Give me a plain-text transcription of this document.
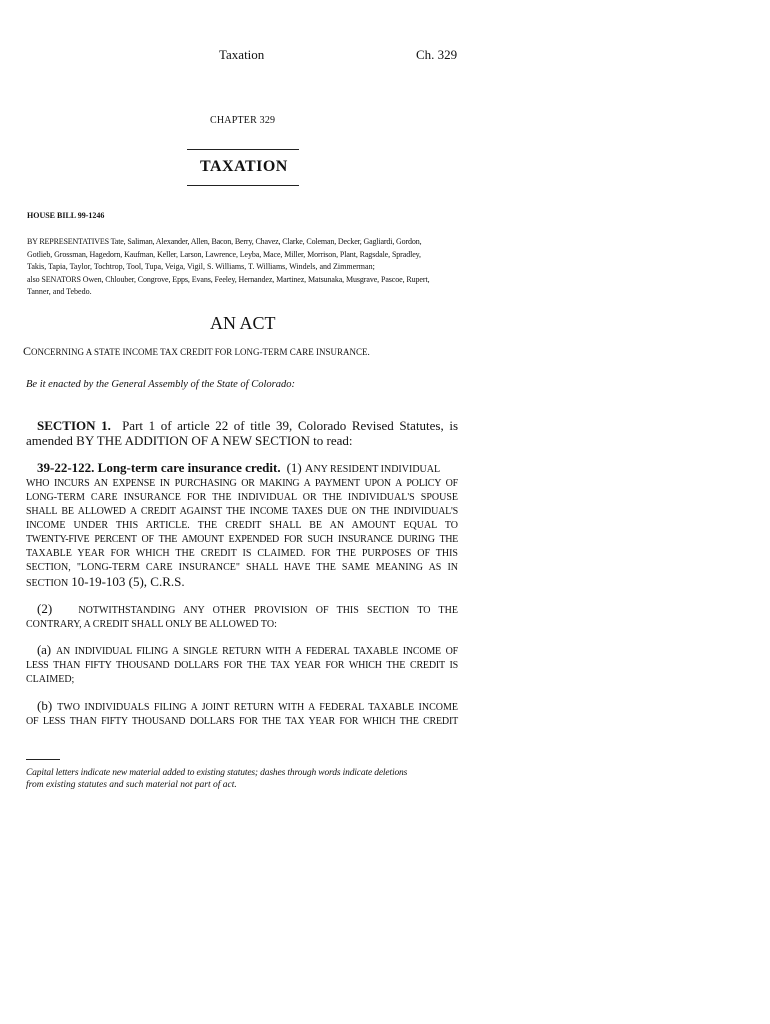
Taxation	Ch. 329
CHAPTER 329
TAXATION
HOUSE BILL 99-1246
BY REPRESENTATIVES Tate, Saliman, Alexander, Allen, Bacon, Berry, Chavez, Clarke, Coleman, Decker, Gagliardi, Gordon,
Gotlieb, Grossman, Hagedorn, Kaufman, Keller, Larson, Lawrence, Leyba, Mace, Miller, Morrison, Plant, Ragsdale, Spradley,
Takis, Tapia, Taylor, Tochtrop, Tool, Tupa, Veiga, Vigil, S. Williams, T. Williams, Windels, and Zimmerman;
also SENATORS Owen, Chlouber, Congrove, Epps, Evans, Feeley, Hernandez, Martinez, Matsunaka, Musgrave, Pascoe, Rupert,
Tanner, and Tebedo.
AN ACT
CONCERNING A STATE INCOME TAX CREDIT FOR LONG-TERM CARE INSURANCE.
Be it enacted by the General Assembly of the State of Colorado:
SECTION 1. Part 1 of article 22 of title 39, Colorado Revised Statutes, is
amended BY THE ADDITION OF A NEW SECTION to read:
39-22-122. Long-term care insurance credit. (1) ANY RESIDENT INDIVIDUAL
WHO INCURS AN EXPENSE IN PURCHASING OR MAKING A PAYMENT UPON A POLICY OF
LONG-TERM CARE INSURANCE FOR THE INDIVIDUAL OR THE INDIVIDUAL'S SPOUSE
SHALL BE ALLOWED A CREDIT AGAINST THE INCOME TAXES DUE ON THE INDIVIDUAL'S
INCOME UNDER THIS ARTICLE. THE CREDIT SHALL BE AN AMOUNT EQUAL TO
TWENTY-FIVE PERCENT OF THE AMOUNT EXPENDED FOR SUCH INSURANCE DURING THE
TAXABLE YEAR FOR WHICH THE CREDIT IS CLAIMED. FOR THE PURPOSES OF THIS
SECTION, "LONG-TERM CARE INSURANCE" SHALL HAVE THE SAME MEANING AS IN
SECTION 10-19-103 (5), C.R.S.
(2)	NOTWITHSTANDING ANY OTHER PROVISION OF THIS SECTION TO THE
CONTRARY, A CREDIT SHALL ONLY BE ALLOWED TO:
(a) AN INDIVIDUAL FILING A SINGLE RETURN WITH A FEDERAL TAXABLE INCOME OF
LESS THAN FIFTY THOUSAND DOLLARS FOR THE TAX YEAR FOR WHICH THE CREDIT IS
CLAIMED;
(b) TWO INDIVIDUALS FILING A JOINT RETURN WITH A FEDERAL TAXABLE INCOME
OF LESS THAN FIFTY THOUSAND DOLLARS FOR THE TAX YEAR FOR WHICH THE CREDIT
Capital letters indicate new material added to existing statutes; dashes through words indicate deletions
from existing statutes and such material not part of act.
